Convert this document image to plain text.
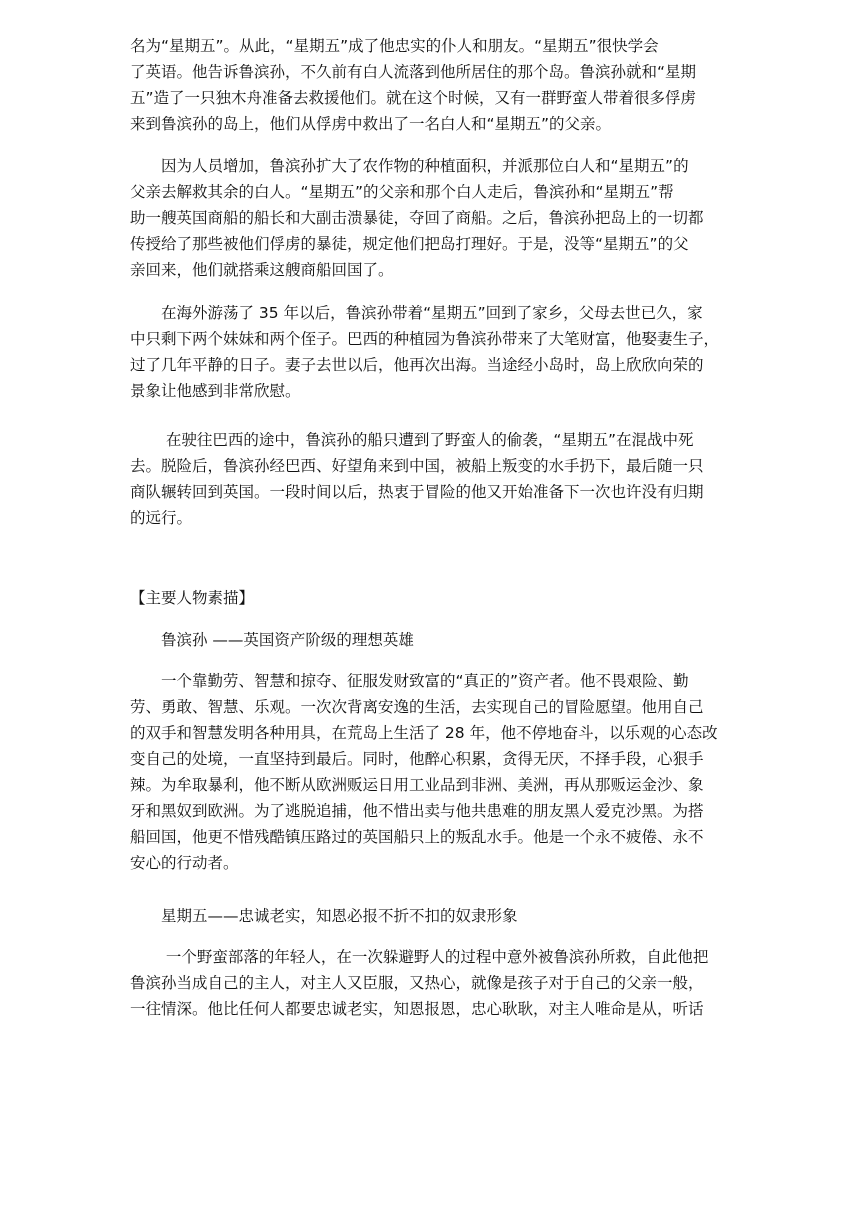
.
名为“星期五”。从此，“星期五”成了他忠实的仆人和朋友。“星期五”很快学会
了英语。他告诉鲁滨孙，不久前有白人流落到他所居住的那个岛。鲁滨孙就和“星期
五”造了一只独木舟准备去救援他们。就在这个时候，又有一群野蛮人带着很多俘虏
来到鲁滨孙的岛上，他们从俘虏中救出了一名白人和“星期五”的父亲。
　　因为人员增加，鲁滨孙扩大了农作物的种植面积，并派那位白人和“星期五”的
父亲去解救其余的白人。“星期五”的父亲和那个白人走后，鲁滨孙和“星期五”帮
助一艘英国商船的船长和大副击溃暴徒，夺回了商船。之后，鲁滨孙把岛上的一切都
传授给了那些被他们俘虏的暴徒，规定他们把岛打理好。于是，没等“星期五”的父
亲回来，他们就搭乘这艘商船回国了。
　　在海外游荡了 35 年以后，鲁滨孙带着“星期五”回到了家乡，父母去世已久，家
中只剩下两个妹妹和两个侄子。巴西的种植园为鲁滨孙带来了大笔财富，他娶妻生子，
过了几年平静的日子。妻子去世以后，他再次出海。当途经小岛时，岛上欣欣向荣的
景象让他感到非常欣慰。
　　 在驶往巴西的途中，鲁滨孙的船只遭到了野蛮人的偷袭，“星期五”在混战中死
去。脱险后，鲁滨孙经巴西、好望角来到中国，被船上叛变的水手扔下，最后随一只
商队辗转回到英国。一段时间以后，热衷于冒险的他又开始准备下一次也许没有归期
的远行。
【主要人物素描】
鲁滨孙 ——英国资产阶级的理想英雄
　　一个靠勤劳、智慧和掠夺、征服发财致富的“真正的”资产者。他不畏艰险、勤
劳、勇敢、智慧、乐观。一次次背离安逸的生活，去实现自己的冒险愿望。他用自己
的双手和智慧发明各种用具，在荒岛上生活了 28 年，他不停地奋斗，以乐观的心态改
变自己的处境，一直坚持到最后。同时，他醉心积累，贪得无厌，不择手段，心狠手
辣。为牟取暴利，他不断从欧洲贩运日用工业品到非洲、美洲，再从那贩运金沙、象
牙和黑奴到欧洲。为了逃脱追捕，他不惜出卖与他共患难的朋友黑人爱克沙黑。为搭
船回国，他更不惜残酷镇压路过的英国船只上的叛乱水手。他是一个永不疲倦、永不
安心的行动者。
星期五——忠诚老实，知恩必报不折不扣的奴隶形象
　　 一个野蛮部落的年轻人，在一次躲避野人的过程中意外被鲁滨孙所救，自此他把
鲁滨孙当成自己的主人，对主人又臣服，又热心，就像是孩子对于自己的父亲一般，
一往情深。他比任何人都要忠诚老实，知恩报恩，忠心耿耿，对主人唯命是从，听话
